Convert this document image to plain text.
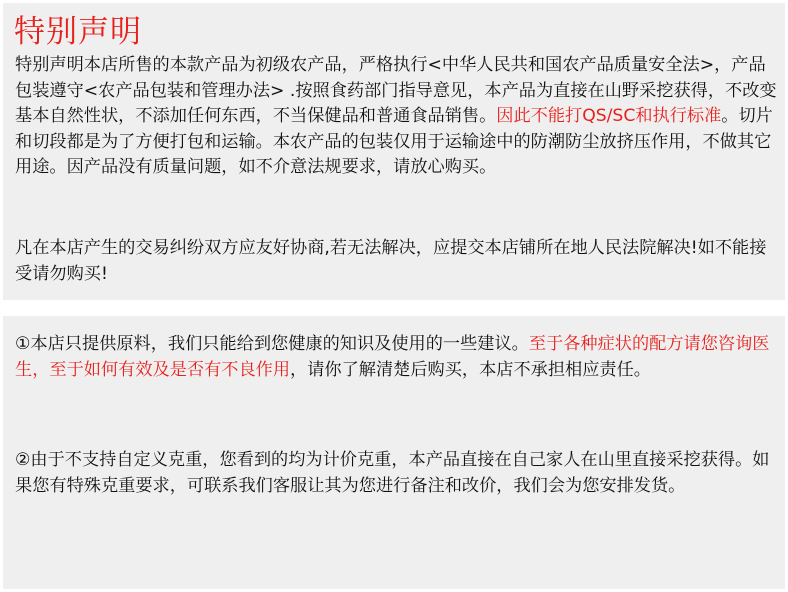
特别声明

特别声明本店所售的本款产品为初级农产品，严格执行<中华人民共和国农产品质量安全法>，产品包装遵守<农产品包装和管理办法> .按照食药部门指导意见，本产品为直接在山野采挖获得，不改变基本自然性状，不添加任何东西，不当保健品和普通食品销售。因此不能打QS/SC和执行标准。切片和切段都是为了方便打包和运输。本农产品的包装仅用于运输途中的防潮防尘放挤压作用，不做其它用途。因产品没有质量问题，如不介意法规要求，请放心购买。

凡在本店产生的交易纠纷双方应友好协商,若无法解决，应提交本店铺所在地人民法院解决!如不能接受请勿购买!

①本店只提供原料，我们只能给到您健康的知识及使用的一些建议。至于各种症状的配方请您咨询医生，至于如何有效及是否有不良作用，请你了解清楚后购买，本店不承担相应责任。

②由于不支持自定义克重，您看到的均为计价克重，本产品直接在自己家人在山里直接采挖获得。如果您有特殊克重要求，可联系我们客服让其为您进行备注和改价，我们会为您安排发货。
